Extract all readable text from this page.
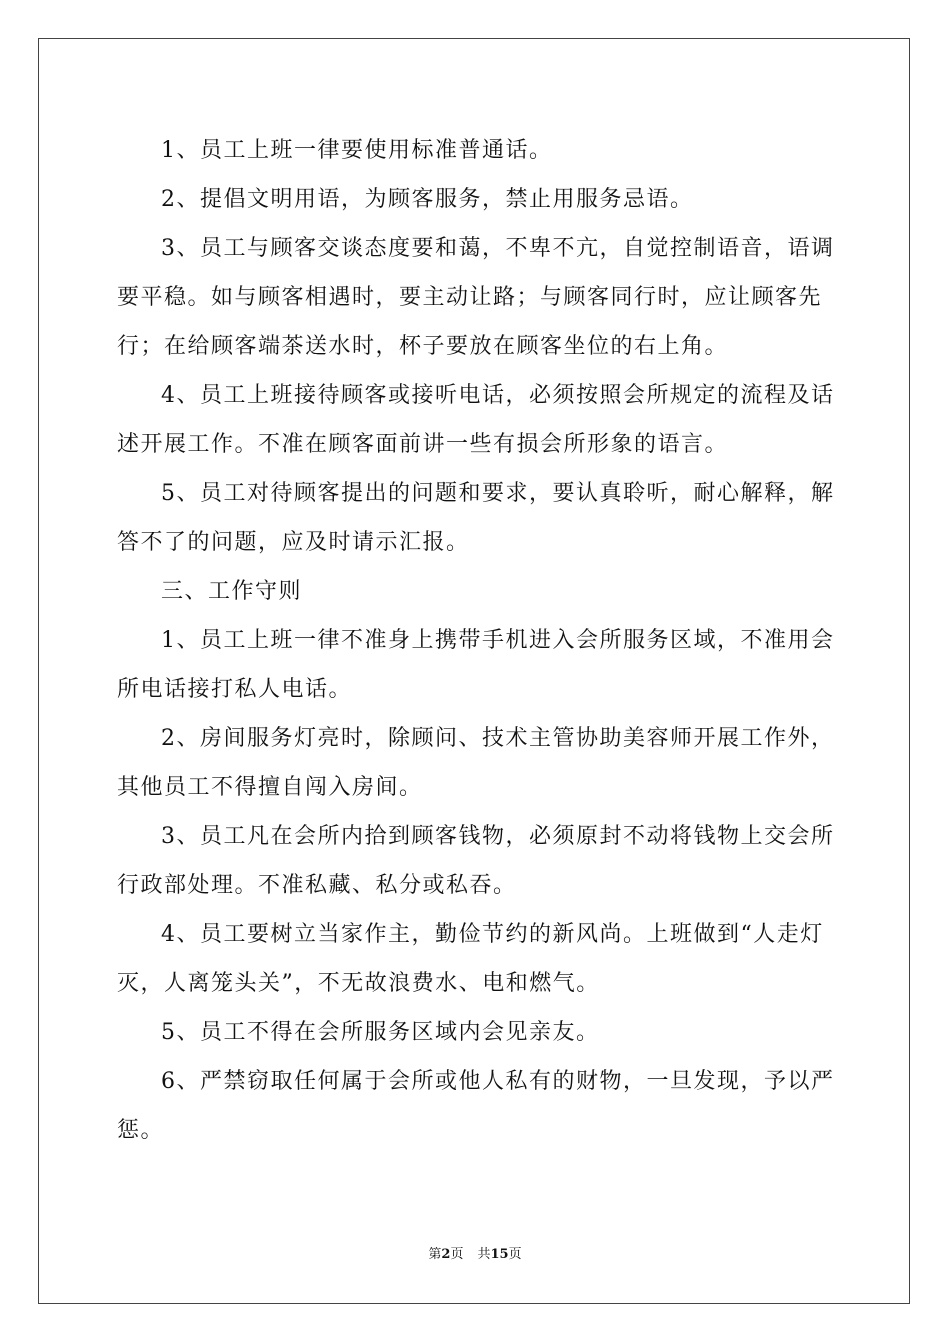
1、员工上班一律要使用标准普通话。

2、提倡文明用语，为顾客服务，禁止用服务忌语。

3、员工与顾客交谈态度要和蔼，不卑不亢，自觉控制语音，语调要平稳。如与顾客相遇时，要主动让路；与顾客同行时，应让顾客先行；在给顾客端茶送水时，杯子要放在顾客坐位的右上角。

4、员工上班接待顾客或接听电话，必须按照会所规定的流程及话述开展工作。不准在顾客面前讲一些有损会所形象的语言。

5、员工对待顾客提出的问题和要求，要认真聆听，耐心解释，解答不了的问题，应及时请示汇报。

三、工作守则

1、员工上班一律不准身上携带手机进入会所服务区域，不准用会所电话接打私人电话。

2、房间服务灯亮时，除顾问、技术主管协助美容师开展工作外，其他员工不得擅自闯入房间。

3、员工凡在会所内拾到顾客钱物，必须原封不动将钱物上交会所行政部处理。不准私藏、私分或私吞。

4、员工要树立当家作主，勤俭节约的新风尚。上班做到“人走灯灭，人离笼头关”，不无故浪费水、电和燃气。

5、员工不得在会所服务区域内会见亲友。

6、严禁窃取任何属于会所或他人私有的财物，一旦发现，予以严惩。

第2页 共15页
